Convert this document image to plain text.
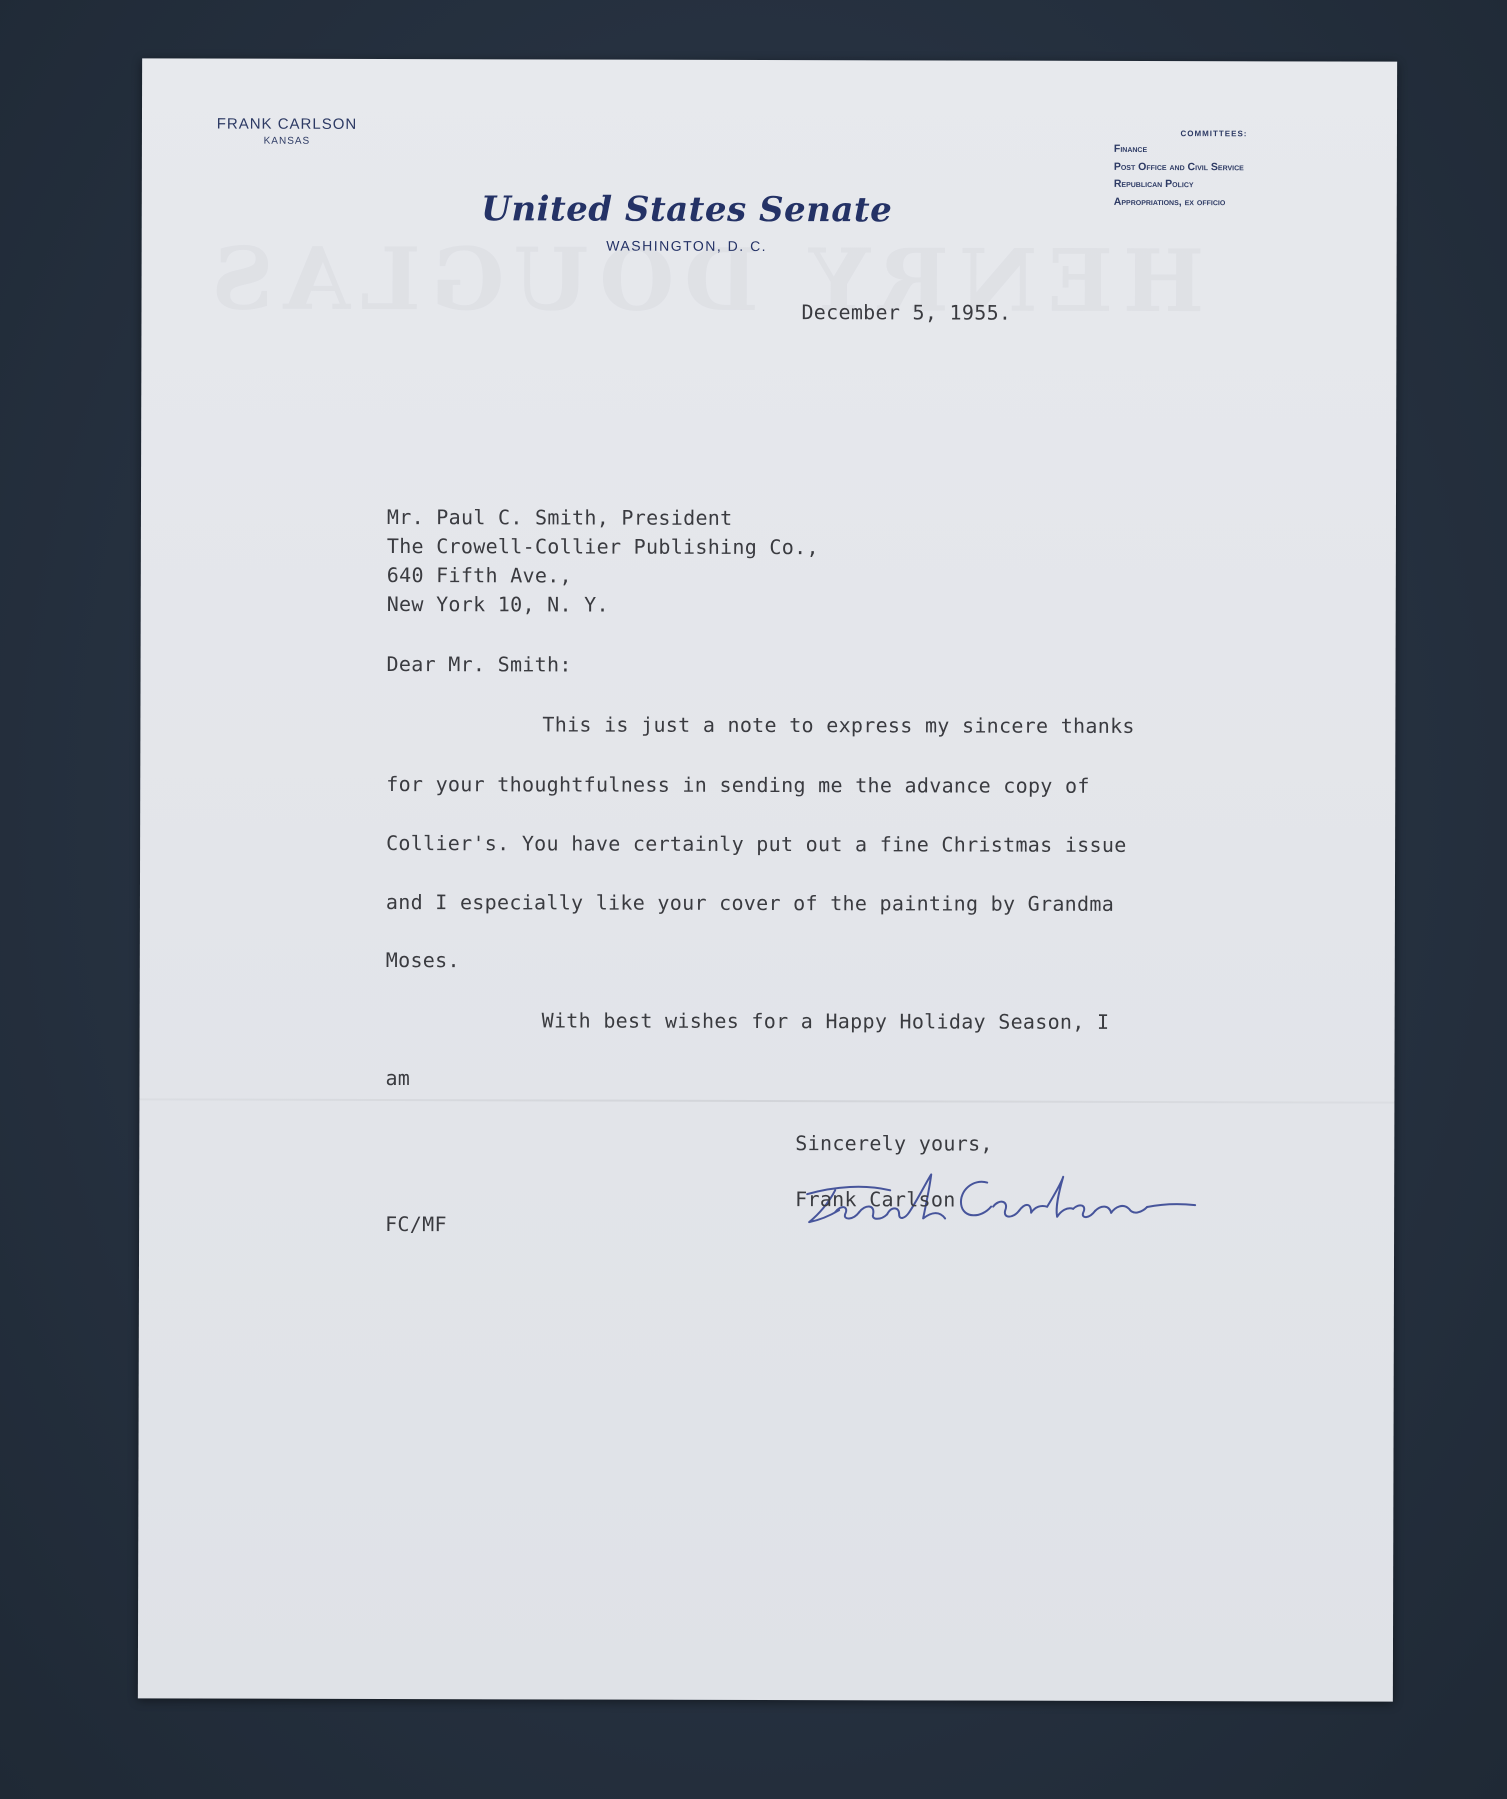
FRANK CARLSON
KANSAS
United States Senate
WASHINGTON, D. C.
COMMITTEES:
Finance
Post Office and Civil Service
Republican Policy
Appropriations, ex officio
December 5, 1955.
Mr. Paul C. Smith, President
The Crowell-Collier Publishing Co.,
640 Fifth Ave.,
New York 10, N. Y.
Dear Mr. Smith:
This is just a note to express my sincere thanks
for your thoughtfulness in sending me the advance copy of
Collier's. You have certainly put out a fine Christmas issue
and I especially like your cover of the painting by Grandma
Moses.
With best wishes for a Happy Holiday Season, I
am
Sincerely yours,
Frank Carlson
FC/MF
